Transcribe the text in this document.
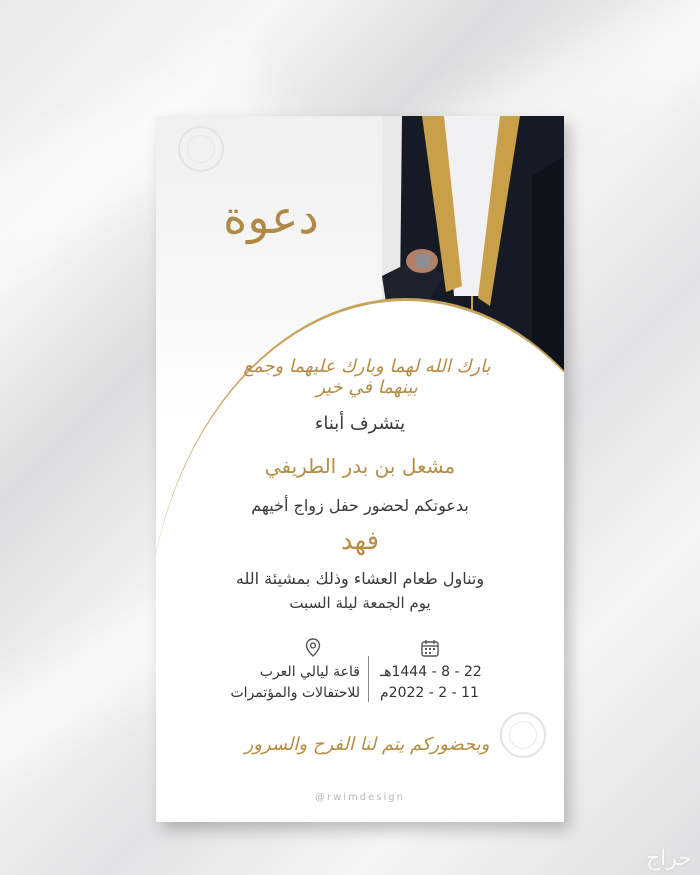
دعوة
بارك الله لهما وبارك عليهما وجمع بينهما في خير
يتشرف أبناء
مشعل بن بدر الطريفي
بدعوتكم لحضور حفل زواج أخيهم
فهد
وتناول طعام العشاء وذلك بمشيئة الله
يوم الجمعة ليلة السبت
22 - 8 - 1444هـ
11 - 2 - 2022م
قاعة ليالي العرب
للاحتفالات والمؤتمرات
وبحضوركم يتم لنا الفرح والسرور
@rwimdesign
حراج
